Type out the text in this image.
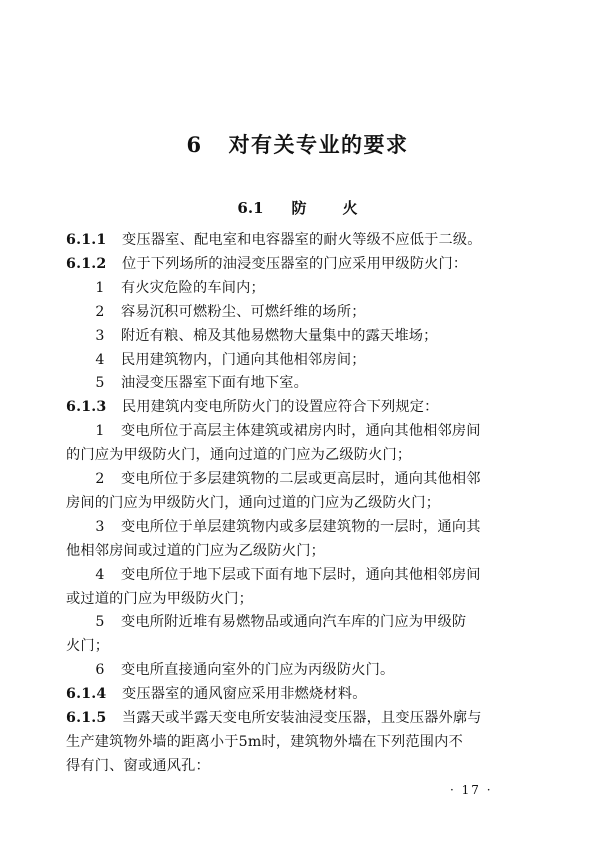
6 对有关专业的要求
6.1 防 火
6.1.1 变压器室、配电室和电容器室的耐火等级不应低于二级。
6.1.2 位于下列场所的油浸变压器室的门应采用甲级防火门：
1 有火灾危险的车间内；
2 容易沉积可燃粉尘、可燃纤维的场所；
3 附近有粮、棉及其他易燃物大量集中的露天堆场；
4 民用建筑物内，门通向其他相邻房间；
5 油浸变压器室下面有地下室。
6.1.3 民用建筑内变电所防火门的设置应符合下列规定：
1 变电所位于高层主体建筑或裙房内时，通向其他相邻房间
的门应为甲级防火门，通向过道的门应为乙级防火门；
2 变电所位于多层建筑物的二层或更高层时，通向其他相邻
房间的门应为甲级防火门，通向过道的门应为乙级防火门；
3 变电所位于单层建筑物内或多层建筑物的一层时，通向其
他相邻房间或过道的门应为乙级防火门；
4 变电所位于地下层或下面有地下层时，通向其他相邻房间
或过道的门应为甲级防火门；
5 变电所附近堆有易燃物品或通向汽车库的门应为甲级防
火门；
6 变电所直接通向室外的门应为丙级防火门。
6.1.4 变压器室的通风窗应采用非燃烧材料。
6.1.5 当露天或半露天变电所安装油浸变压器，且变压器外廓与
生产建筑物外墙的距离小于5m时，建筑物外墙在下列范围内不
得有门、窗或通风孔：
· 17 ·
